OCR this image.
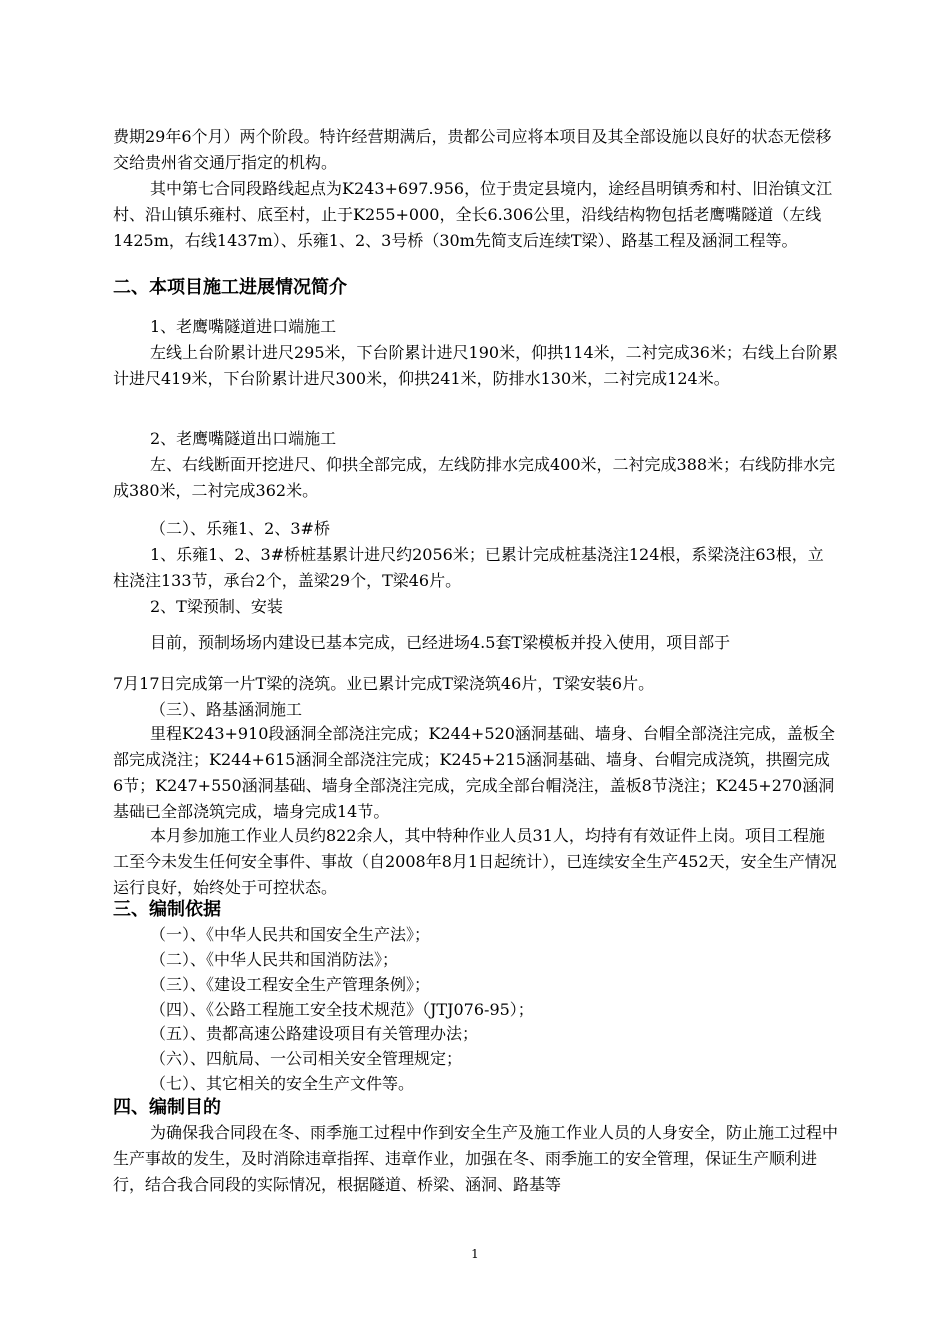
费期29年6个月）两个阶段。特许经营期满后，贵都公司应将本项目及其全部设施以良好的状态无偿移交给贵州省交通厅指定的机构。

其中第七合同段路线起点为K243+697.956，位于贵定县境内，途经昌明镇秀和村、旧治镇文江村、沿山镇乐雍村、底至村，止于K255+000，全长6.306公里，沿线结构物包括老鹰嘴隧道（左线1425m，右线1437m）、乐雍1、2、3号桥（30m先简支后连续T梁）、路基工程及涵洞工程等。

二、本项目施工进展情况简介

1、老鹰嘴隧道进口端施工

左线上台阶累计进尺295米，下台阶累计进尺190米，仰拱114米，二衬完成36米；右线上台阶累计进尺419米，下台阶累计进尺300米，仰拱241米，防排水130米，二衬完成124米。

2、老鹰嘴隧道出口端施工

左、右线断面开挖进尺、仰拱全部完成，左线防排水完成400米，二衬完成388米；右线防排水完成380米，二衬完成362米。

（二）、乐雍1、2、3#桥

1、乐雍1、2、3#桥桩基累计进尺约2056米；已累计完成桩基浇注124根，系梁浇注63根，立柱浇注133节，承台2个，盖梁29个，T梁46片。

2、T梁预制、安装

目前，预制场场内建设已基本完成，已经进场4.5套T梁模板并投入使用，项目部于

7月17日完成第一片T梁的浇筑。业已累计完成T梁浇筑46片，T梁安装6片。

（三）、路基涵洞施工

里程K243+910段涵洞全部浇注完成；K244+520涵洞基础、墙身、台帽全部浇注完成，盖板全部完成浇注；K244+615涵洞全部浇注完成；K245+215涵洞基础、墙身、台帽完成浇筑，拱圈完成6节；K247+550涵洞基础、墙身全部浇注完成，完成全部台帽浇注，盖板8节浇注；K245+270涵洞基础已全部浇筑完成，墙身完成14节。

本月参加施工作业人员约822余人，其中特种作业人员31人，均持有有效证件上岗。项目工程施工至今未发生任何安全事件、事故（自2008年8月1日起统计），已连续安全生产452天，安全生产情况运行良好，始终处于可控状态。

三、编制依据

（一）、《中华人民共和国安全生产法》；

（二）、《中华人民共和国消防法》；

（三）、《建设工程安全生产管理条例》；

（四）、《公路工程施工安全技术规范》（JTJ076-95）；

（五）、贵都高速公路建设项目有关管理办法；

（六）、四航局、一公司相关安全管理规定；

（七）、其它相关的安全生产文件等。

四、编制目的

为确保我合同段在冬、雨季施工过程中作到安全生产及施工作业人员的人身安全，防止施工过程中生产事故的发生，及时消除违章指挥、违章作业，加强在冬、雨季施工的安全管理，保证生产顺利进行，结合我合同段的实际情况，根据隧道、桥梁、涵洞、路基等

1
